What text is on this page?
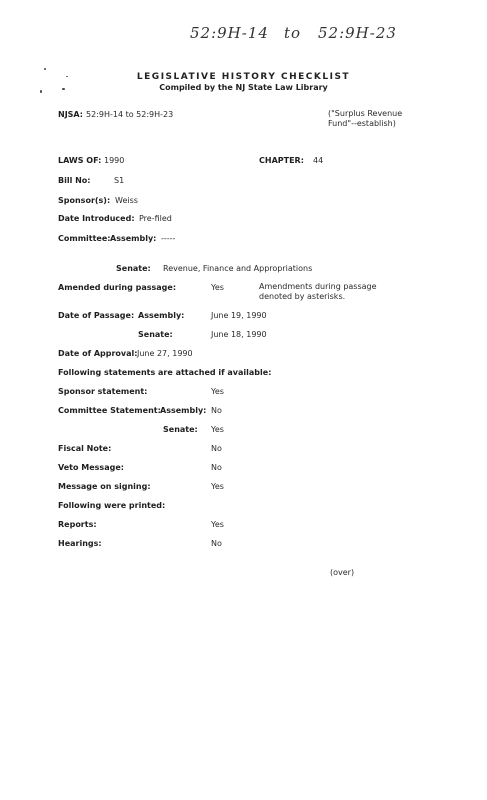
52:9H-14 to 52:9H-23
LEGISLATIVE HISTORY CHECKLIST
Compiled by the NJ State Law Library
NJSA: 52:9H-14 to 52:9H-23	("Surplus Revenue
Fund"--establish)
LAWS OF: 1990	CHAPTER: 44
Bill No:	S1
Sponsor(s): Weiss
Date Introduced: Pre-filed
Committee: Assembly: -----
Senate: Revenue, Finance and Appropriations
Amended during passage:	Yes	Amendments during passage
denoted by asterisks.
Date of Passage: Assembly:	June 19, 1990
Senate:	June 18, 1990
Date of Approval: June 27, 1990
Following statements are attached if available:
Sponsor statement:	Yes
Committee Statement: Assembly: No
Senate: Yes
Fiscal Note:	No
Veto Message:	No
Message on signing:	Yes
Following were printed:
Reports:	Yes
Hearings:	No
(over)
